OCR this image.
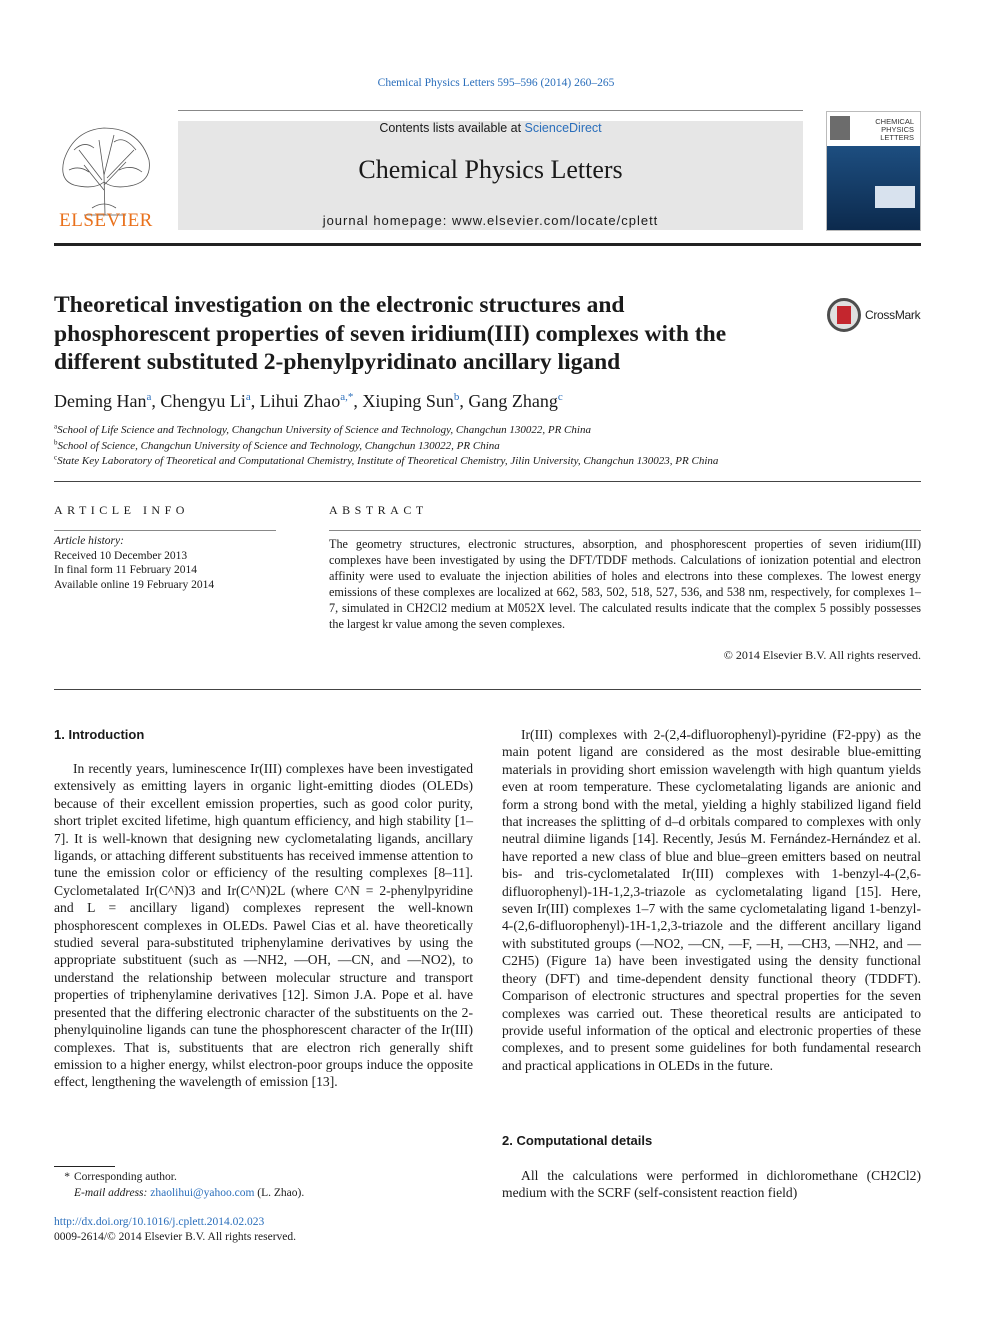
Chemical Physics Letters 595–596 (2014) 260–265
ELSEVIER
Contents lists available at ScienceDirect
Chemical Physics Letters
journal homepage: www.elsevier.com/locate/cplett
CHEMICAL
PHYSICS
LETTERS
Theoretical investigation on the electronic structures and
phosphorescent properties of seven iridium(III) complexes with the
different substituted 2-phenylpyridinato ancillary ligand
CrossMark
Deming Han$^a$, Chengyu Li$^a$, Lihui Zhao$^{a,*}$, Xiuping Sun$^b$, Gang Zhang$^c$
$^a$School of Life Science and Technology, Changchun University of Science and Technology, Changchun 130022, PR China
$^b$School of Science, Changchun University of Science and Technology, Changchun 130022, PR China
$^c$State Key Laboratory of Theoretical and Computational Chemistry, Institute of Theoretical Chemistry, Jilin University, Changchun 130023, PR China
ARTICLE INFO
Article history:
Received 10 December 2013
In final form 11 February 2014
Available online 19 February 2014
ABSTRACT
The geometry structures, electronic structures, absorption, and phosphorescent properties of seven iridium(III) complexes have been investigated by using the DFT/TDDF methods. Calculations of ionization potential and electron affinity were used to evaluate the injection abilities of holes and electrons into these complexes. The lowest energy emissions of these complexes are localized at 662, 583, 502, 518, 527, 536, and 538 nm, respectively, for complexes 1–7, simulated in CH2Cl2 medium at M052X level. The calculated results indicate that the complex 5 possibly possesses the largest kr value among the seven complexes.
© 2014 Elsevier B.V. All rights reserved.
1. Introduction

In recently years, luminescence Ir(III) complexes have been investigated extensively as emitting layers in organic light-emitting diodes (OLEDs) because of their excellent emission properties, such as good color purity, short triplet excited lifetime, high quantum efficiency, and high stability [1–7]. It is well-known that designing new cyclometalating ligands, ancillary ligands, or attaching different substituents has received immense attention to tune the emission color or efficiency of the resulting complexes [8–11]. Cyclometalated Ir(C^N)3 and Ir(C^N)2L (where C^N = 2-phenylpyridine and L = ancillary ligand) complexes represent the well-known phosphorescent complexes in OLEDs. Pawel Cias et al. have theoretically studied several para-substituted triphenylamine derivatives by using the appropriate substituent (such as —NH2, —OH, —CN, and —NO2), to understand the relationship between molecular structure and transport properties of triphenylamine derivatives [12]. Simon J.A. Pope et al. have presented that the differing electronic character of the substituents on the 2-phenylquinoline ligands can tune the phosphorescent character of the Ir(III) complexes. That is, substituents that are electron rich generally shift emission to a higher energy, whilst electron-poor groups induce the opposite effect, lengthening the wavelength of emission [13].

Ir(III) complexes with 2-(2,4-difluorophenyl)-pyridine (F2-ppy) as the main potent ligand are considered as the most desirable blue-emitting materials in providing short emission wavelength with high quantum yields even at room temperature. These cyclometalating ligands are anionic and form a strong bond with the metal, yielding a highly stabilized ligand field that increases the splitting of d–d orbitals compared to complexes with only neutral diimine ligands [14]. Recently, Jesús M. Fernández-Hernández et al. have reported a new class of blue and blue–green emitters based on neutral bis- and tris-cyclometalated Ir(III) complexes with 1-benzyl-4-(2,6-difluorophenyl)-1H-1,2,3-triazole as cyclometalating ligand [15]. Here, seven Ir(III) complexes 1–7 with the same cyclometalating ligand 1-benzyl-4-(2,6-difluorophenyl)-1H-1,2,3-triazole and the different ancillary ligand with substituted groups (—NO2, —CN, —F, —H, —CH3, —NH2, and —C2H5) (Figure 1a) have been investigated using the density functional theory (DFT) and time-dependent density functional theory (TDDFT). Comparison of electronic structures and spectral properties for the seven complexes was carried out. These theoretical results are anticipated to provide useful information of the optical and electronic properties of these complexes, and to present some guidelines for both fundamental research and practical applications in OLEDs in the future.

2. Computational details

All the calculations were performed in dichloromethane (CH2Cl2) medium with the SCRF (self-consistent reaction field)

* Corresponding author.
E-mail address: zhaolihui@yahoo.com (L. Zhao).
http://dx.doi.org/10.1016/j.cplett.2014.02.023
0009-2614/© 2014 Elsevier B.V. All rights reserved.
